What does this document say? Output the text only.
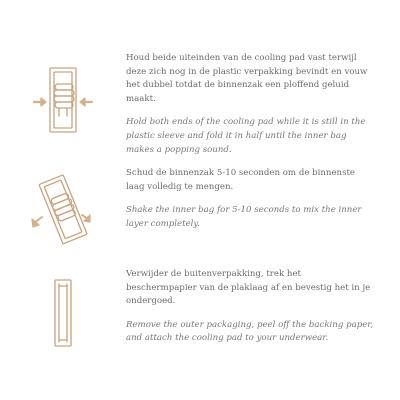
Houd beide uiteinden van de cooling pad vast terwijl deze zich nog in de plastic verpakking bevindt en vouw het dubbel totdat de binnenzak een ploffend geluid maakt.

Hold both ends of the cooling pad while it is still in the plastic sleeve and fold it in half until the inner bag makes a popping sound.

Schud de binnenzak 5-10 seconden om de binnenste laag volledig te mengen.

Shake the inner bag for 5-10 seconds to mix the inner layer completely.

Verwijder de buitenverpakking, trek het beschermpapier van de plaklaag af en bevestig het in je ondergoed.

Remove the outer packaging, peel off the backing paper, and attach the cooling pad to your underwear.
